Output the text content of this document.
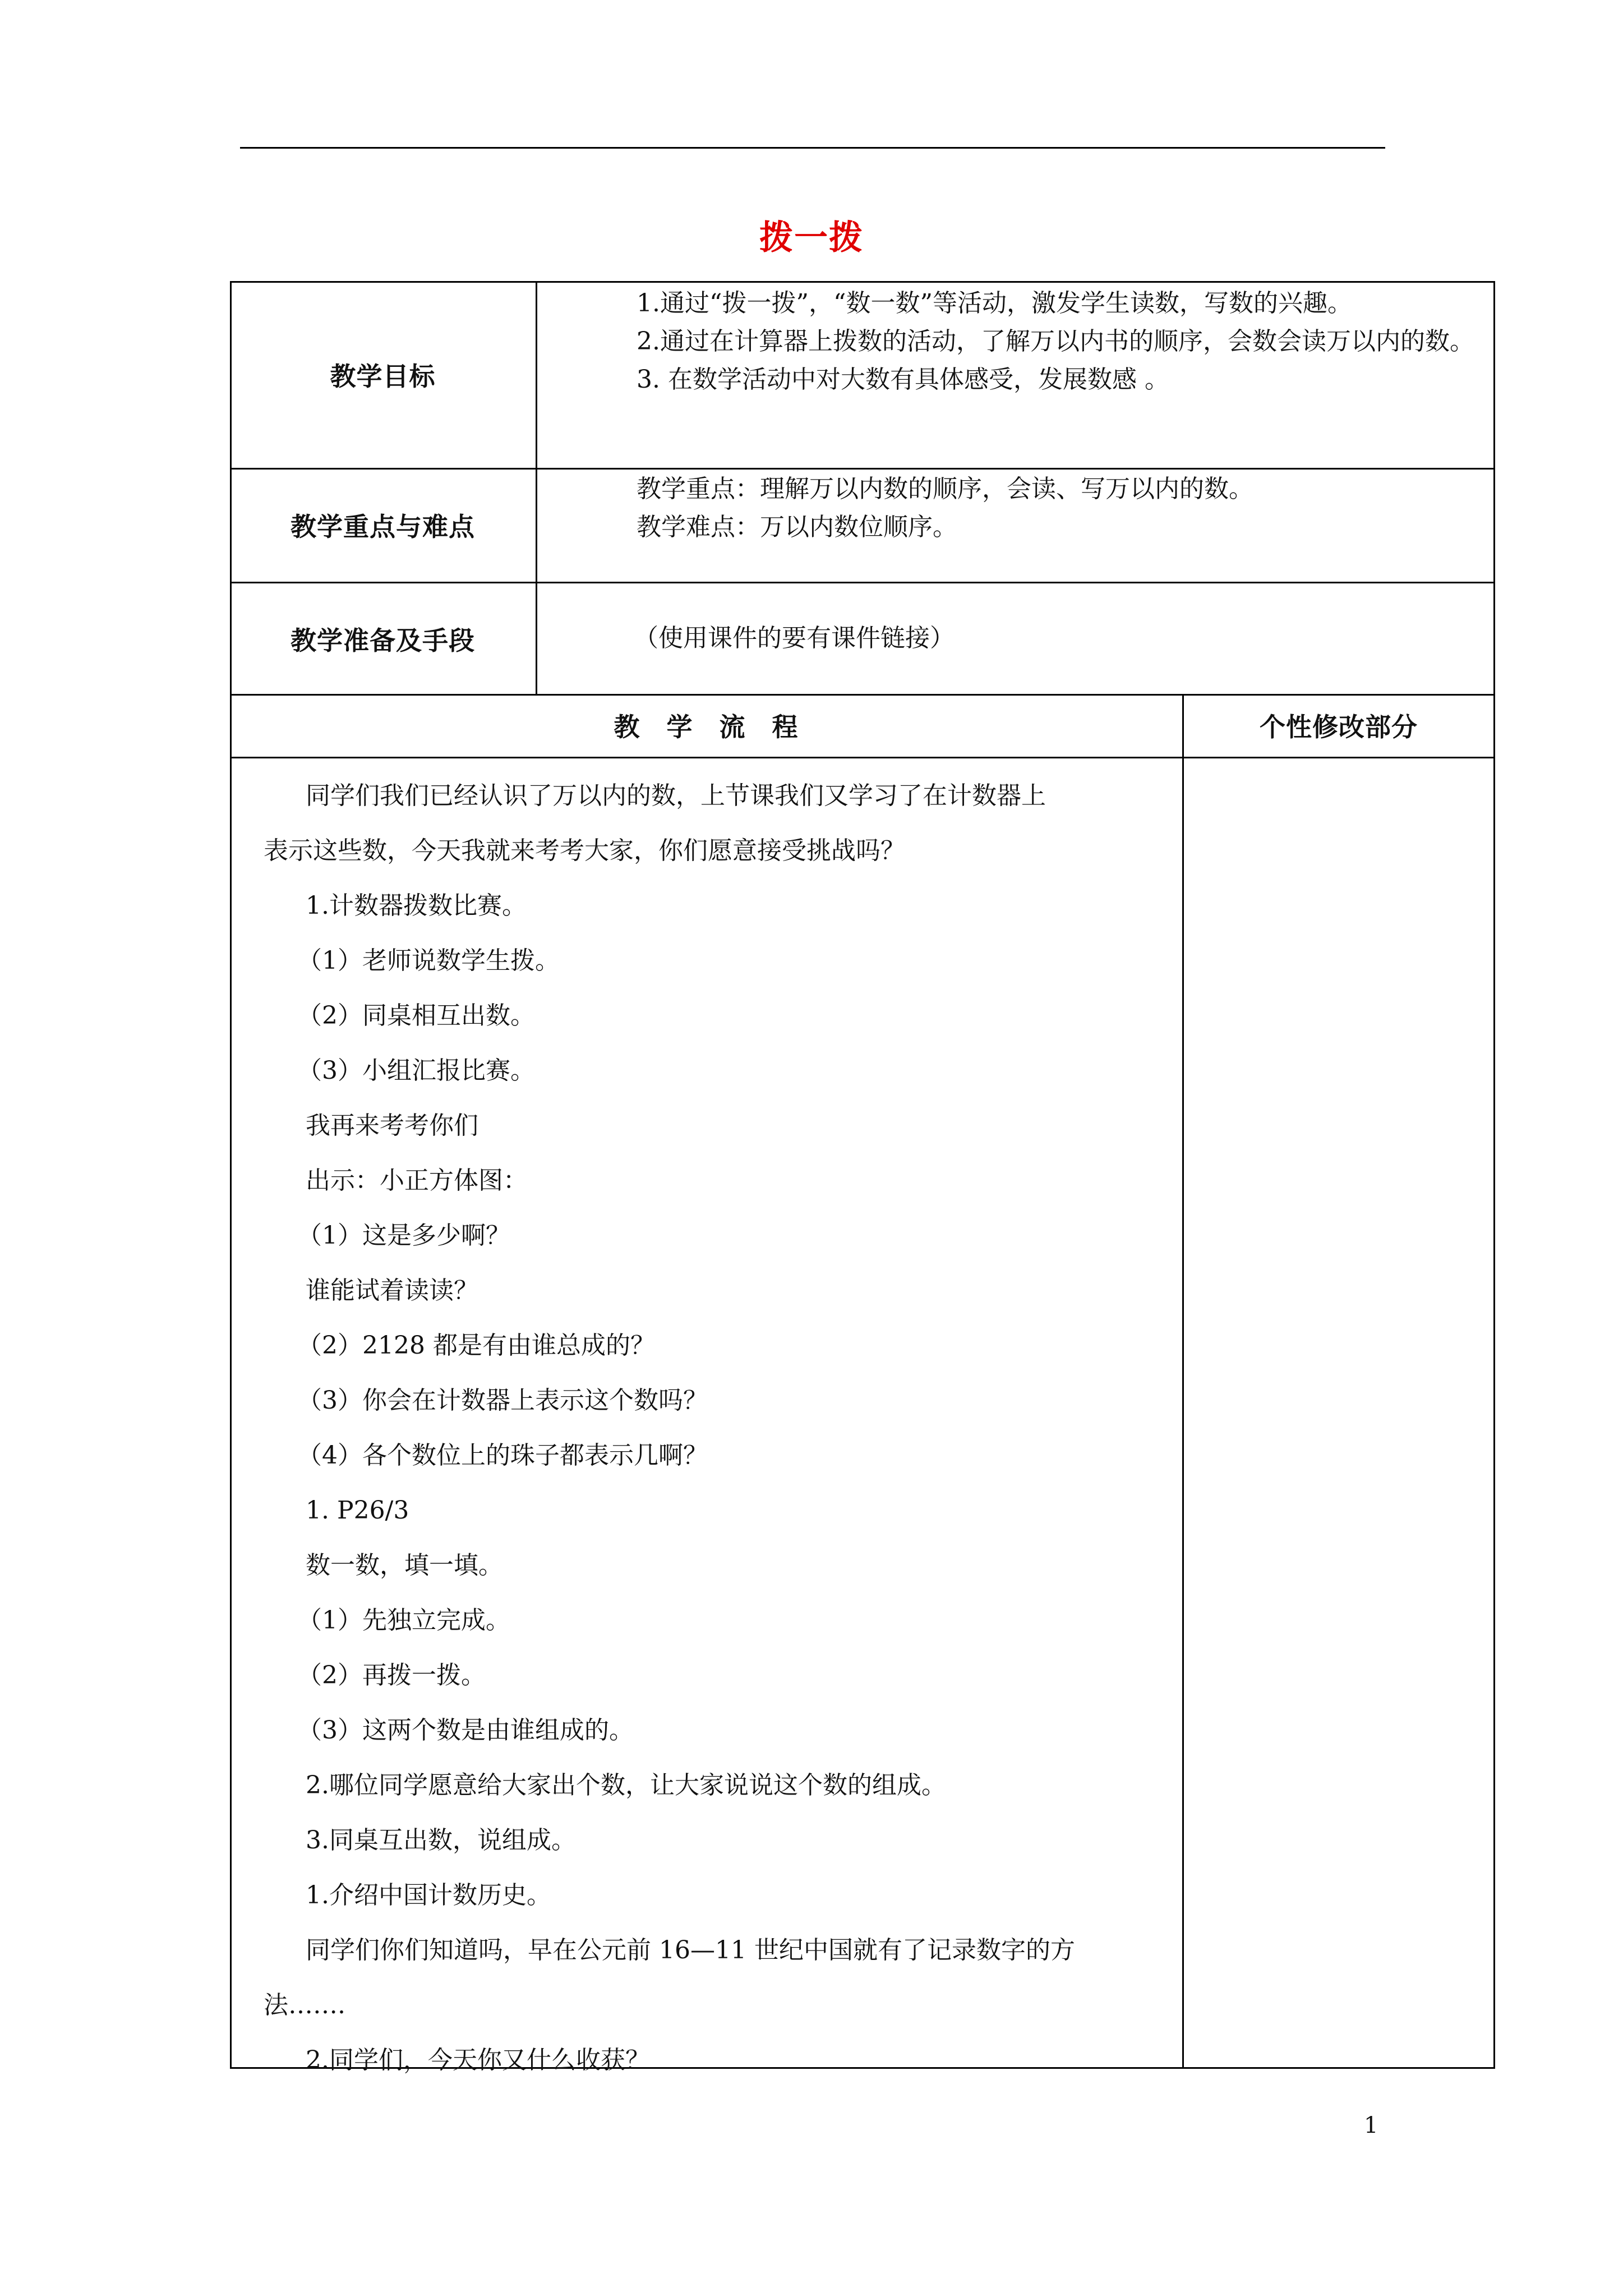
拨一拨
教学目标

1.通过“拨一拨”，“数一数”等活动，激发学生读数，写数的兴趣。

2.通过在计算器上拨数的活动，了解万以内书的顺序，会数会读万以内的数。

3. 在数学活动中对大数有具体感受，发展数感 。

教学重点与难点

教学重点：理解万以内数的顺序，会读、写万以内的数。

教学难点：万以内数位顺序。

教学准备及手段	（使用课件的要有课件链接）
教　学　流　程	个性修改部分

同学们我们已经认识了万以内的数，上节课我们又学习了在计数器上

表示这些数，今天我就来考考大家，你们愿意接受挑战吗？

1.计数器拨数比赛。

（1）老师说数学生拨。

（2）同桌相互出数。

（3）小组汇报比赛。

我再来考考你们

出示：小正方体图：

（1）这是多少啊？

谁能试着读读？

（2）2128 都是有由谁总成的？

（3）你会在计数器上表示这个数吗？

（4）各个数位上的珠子都表示几啊？

1. P26/3

数一数，填一填。

（1）先独立完成。

（2）再拨一拨。

（3）这两个数是由谁组成的。

2.哪位同学愿意给大家出个数，让大家说说这个数的组成。

3.同桌互出数，说组成。

1.介绍中国计数历史。

同学们你们知道吗，早在公元前 16—11 世纪中国就有了记录数字的方

法…….

2.同学们，今天你又什么收获？

1
